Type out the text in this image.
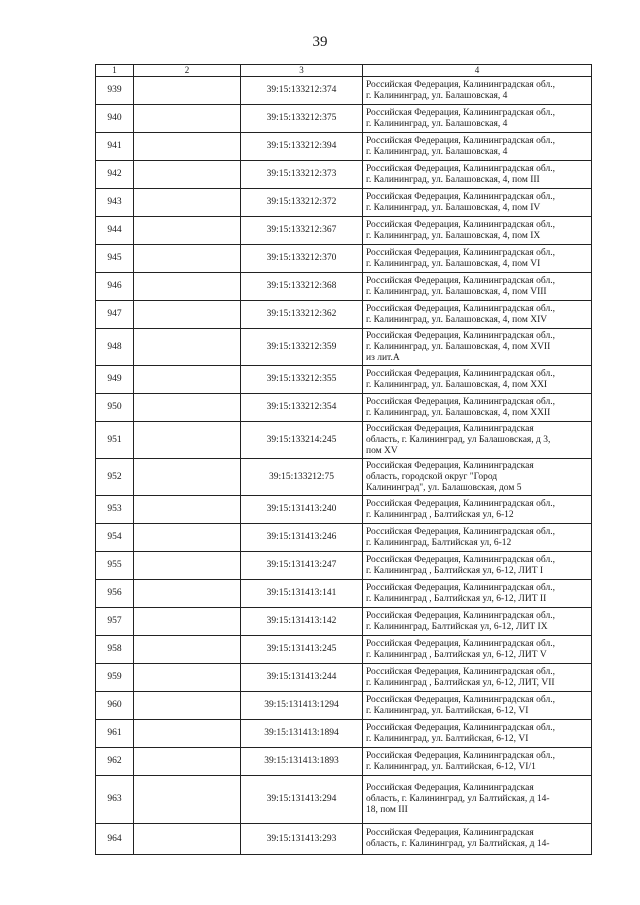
39
1	2	3	4
939		39:15:133212:374	Российская Федерация, Калининградская обл.,
г. Калининград, ул. Балашовская, 4

940		39:15:133212:375	Российская Федерация, Калининградская обл.,
г. Калининград, ул. Балашовская, 4

941		39:15:133212:394	Российская Федерация, Калининградская обл.,
г. Калининград, ул. Балашовская, 4

942		39:15:133212:373	Российская Федерация, Калининградская обл.,
г. Калининград, ул. Балашовская, 4, пом III

943		39:15:133212:372	Российская Федерация, Калининградская обл.,
г. Калининград, ул. Балашовская, 4, пом IV

944		39:15:133212:367	Российская Федерация, Калининградская обл.,
г. Калининград, ул. Балашовская, 4, пом IX

945		39:15:133212:370	Российская Федерация, Калининградская обл.,
г. Калининград, ул. Балашовская, 4, пом VI

946		39:15:133212:368	Российская Федерация, Калининградская обл.,
г. Калининград, ул. Балашовская, 4, пом VIII

947		39:15:133212:362	Российская Федерация, Калининградская обл.,
г. Калининград, ул. Балашовская, 4, пом XIV

948		39:15:133212:359	Российская Федерация, Калининградская обл.,
г. Калининград, ул. Балашовская, 4, пом XVII
из лит.А

949		39:15:133212:355	Российская Федерация, Калининградская обл.,
г. Калининград, ул. Балашовская, 4, пом XXI

950		39:15:133212:354	Российская Федерация, Калининградская обл.,
г. Калининград, ул. Балашовская, 4, пом XXII

951		39:15:133214:245	Российская Федерация, Калининградская
область, г. Калининград, ул Балашовская, д 3,
пом XV

952		39:15:133212:75	Российская Федерация, Калининградская
область, городской округ "Город
Калининград", ул. Балашовская, дом 5

953		39:15:131413:240	Российская Федерация, Калининградская обл.,
г. Калининград , Балтийская ул, 6-12

954		39:15:131413:246	Российская Федерация, Калининградская обл.,
г. Калининград, Балтийская ул, 6-12

955		39:15:131413:247	Российская Федерация, Калининградская обл.,
г. Калининград , Балтийская ул, 6-12, ЛИТ I

956		39:15:131413:141	Российская Федерация, Калининградская обл.,
г. Калининград , Балтийская ул, 6-12, ЛИТ II

957		39:15:131413:142	Российская Федерация, Калининградская обл.,
г. Калининград, Балтийская ул, 6-12, ЛИТ IX

958		39:15:131413:245	Российская Федерация, Калининградская обл.,
г. Калининград , Балтийская ул, 6-12, ЛИТ V

959		39:15:131413:244	Российская Федерация, Калининградская обл.,
г. Калининград , Балтийская ул, 6-12, ЛИТ, VII

960		39:15:131413:1294	Российская Федерация, Калининградская обл.,
г. Калининград, ул. Балтийская, 6-12, VI

961		39:15:131413:1894	Российская Федерация, Калининградская обл.,
г. Калининград, ул. Балтийская, 6-12, VI

962		39:15:131413:1893	Российская Федерация, Калининградская обл.,
г. Калининград, ул. Балтийская, 6-12, VI/1

963		39:15:131413:294	Российская Федерация, Калининградская
область, г. Калининград, ул Балтийская, д 14-
18, пом III

964		39:15:131413:293	Российская Федерация, Калининградская
область, г. Калининград, ул Балтийская, д 14-
